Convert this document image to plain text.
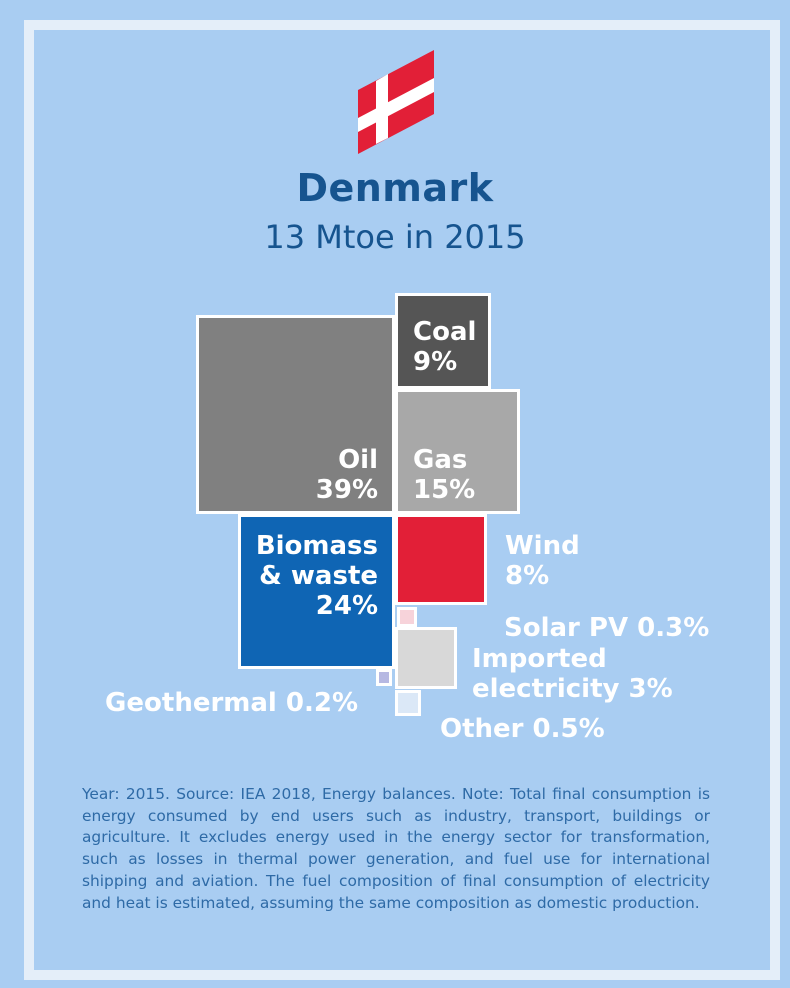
Denmark
13 Mtoe in 2015
Coal 9%
Oil 39%
Gas 15%
Biomass & waste 24%
Wind 8%
Solar PV 0.3%
Imported electricity 3%
Geothermal 0.2%
Other 0.5%
Year: 2015. Source: IEA 2018, Energy balances. Note: Total final consumption is energy consumed by end users such as industry, transport, buildings or agriculture. It excludes energy used in the energy sector for transformation, such as losses in thermal power generation, and fuel use for international shipping and aviation. The fuel composition of final consumption of electricity and heat is estimated, assuming the same composition as domestic production.
